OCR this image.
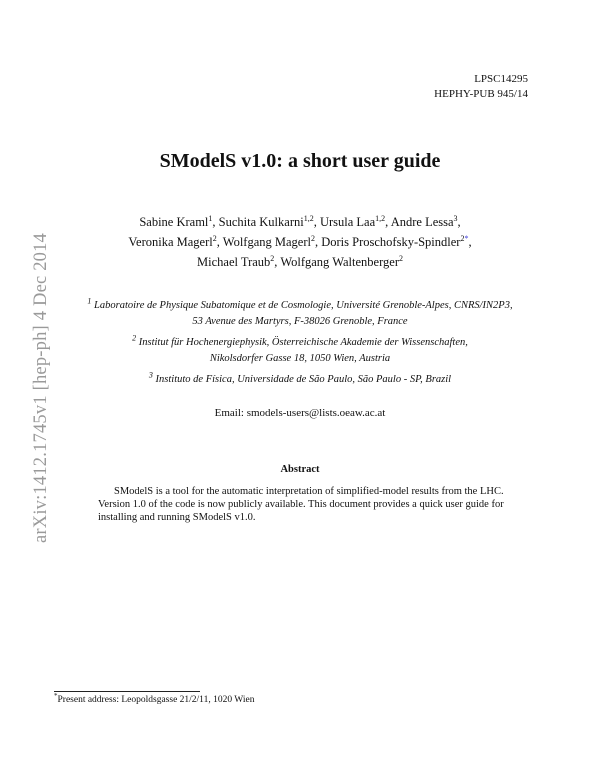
LPSC14295
HEPHY-PUB 945/14
arXiv:1412.1745v1 [hep-ph] 4 Dec 2014
SModelS v1.0: a short user guide
Sabine Kraml$^1$, Suchita Kulkarni$^{1,2}$, Ursula Laa$^{1,2}$, Andre Lessa$^3$,
Veronika Magerl$^2$, Wolfgang Magerl$^2$, Doris Proschofsky-Spindler$^{2*}$,
Michael Traub$^2$, Wolfgang Waltenberger$^2$
$^1$ Laboratoire de Physique Subatomique et de Cosmologie, Université Grenoble-Alpes, CNRS/IN2P3,
53 Avenue des Martyrs, F-38026 Grenoble, France
$^2$ Institut für Hochenergiephysik, Österreichische Akademie der Wissenschaften,
Nikolsdorfer Gasse 18, 1050 Wien, Austria
$^3$ Instituto de Física, Universidade de São Paulo, São Paulo - SP, Brazil
Email: smodels-users@lists.oeaw.ac.at
Abstract
SModelS is a tool for the automatic interpretation of simplified-model results from the LHC. Version 1.0 of the code is now publicly available. This document provides a quick user guide for installing and running SModelS v1.0.
*Present address: Leopoldsgasse 21/2/11, 1020 Wien
